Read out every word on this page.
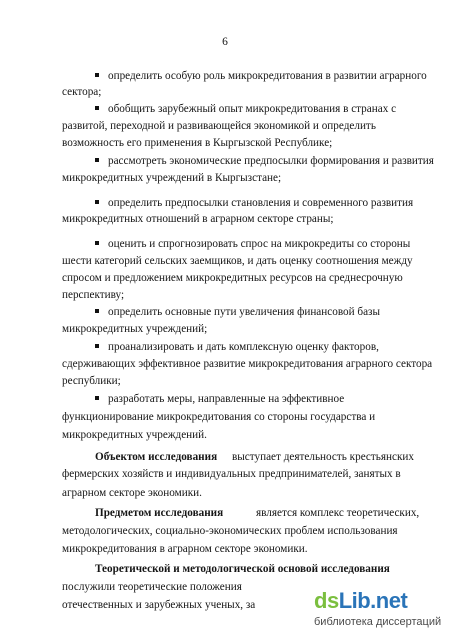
6
определить особую роль микрокредитования в развитии аграрного
сектора;
обобщить зарубежный опыт микрокредитования в странах с
развитой, переходной и развивающейся экономикой и определить
возможность его применения в Кыргызской Республике;
рассмотреть экономические предпосылки формирования и развития
микрокредитных учреждений в Кыргызстане;
определить предпосылки становления и современного развития
микрокредитных отношений в аграрном секторе страны;
оценить и спрогнозировать спрос на микрокредиты со стороны
шести категорий сельских заемщиков, и дать оценку соотношения между
спросом и предложением микрокредитных ресурсов на среднесрочную
перспективу;
определить основные пути увеличения финансовой базы
микрокредитных учреждений;
проанализировать и дать комплексную оценку факторов,
сдерживающих эффективное развитие микрокредитования аграрного сектора
республики;
разработать меры, направленные на эффективное
функционирование микрокредитования со стороны государства и
микрокредитных учреждений.
Объектом исследования выступает деятельность крестьянских
фермерских хозяйств и индивидуальных предпринимателей, занятых в
аграрном секторе экономики.
Предметом исследования	является комплекс теоретических,
методологических, социально-экономических проблем использования
микрокредитования в аграрном секторе экономики.
Теоретической и методологической основой исследования
послужили теоретические положения
отечественных и зарубежных ученых, за	dsLib.net
библиотека диссертаций
